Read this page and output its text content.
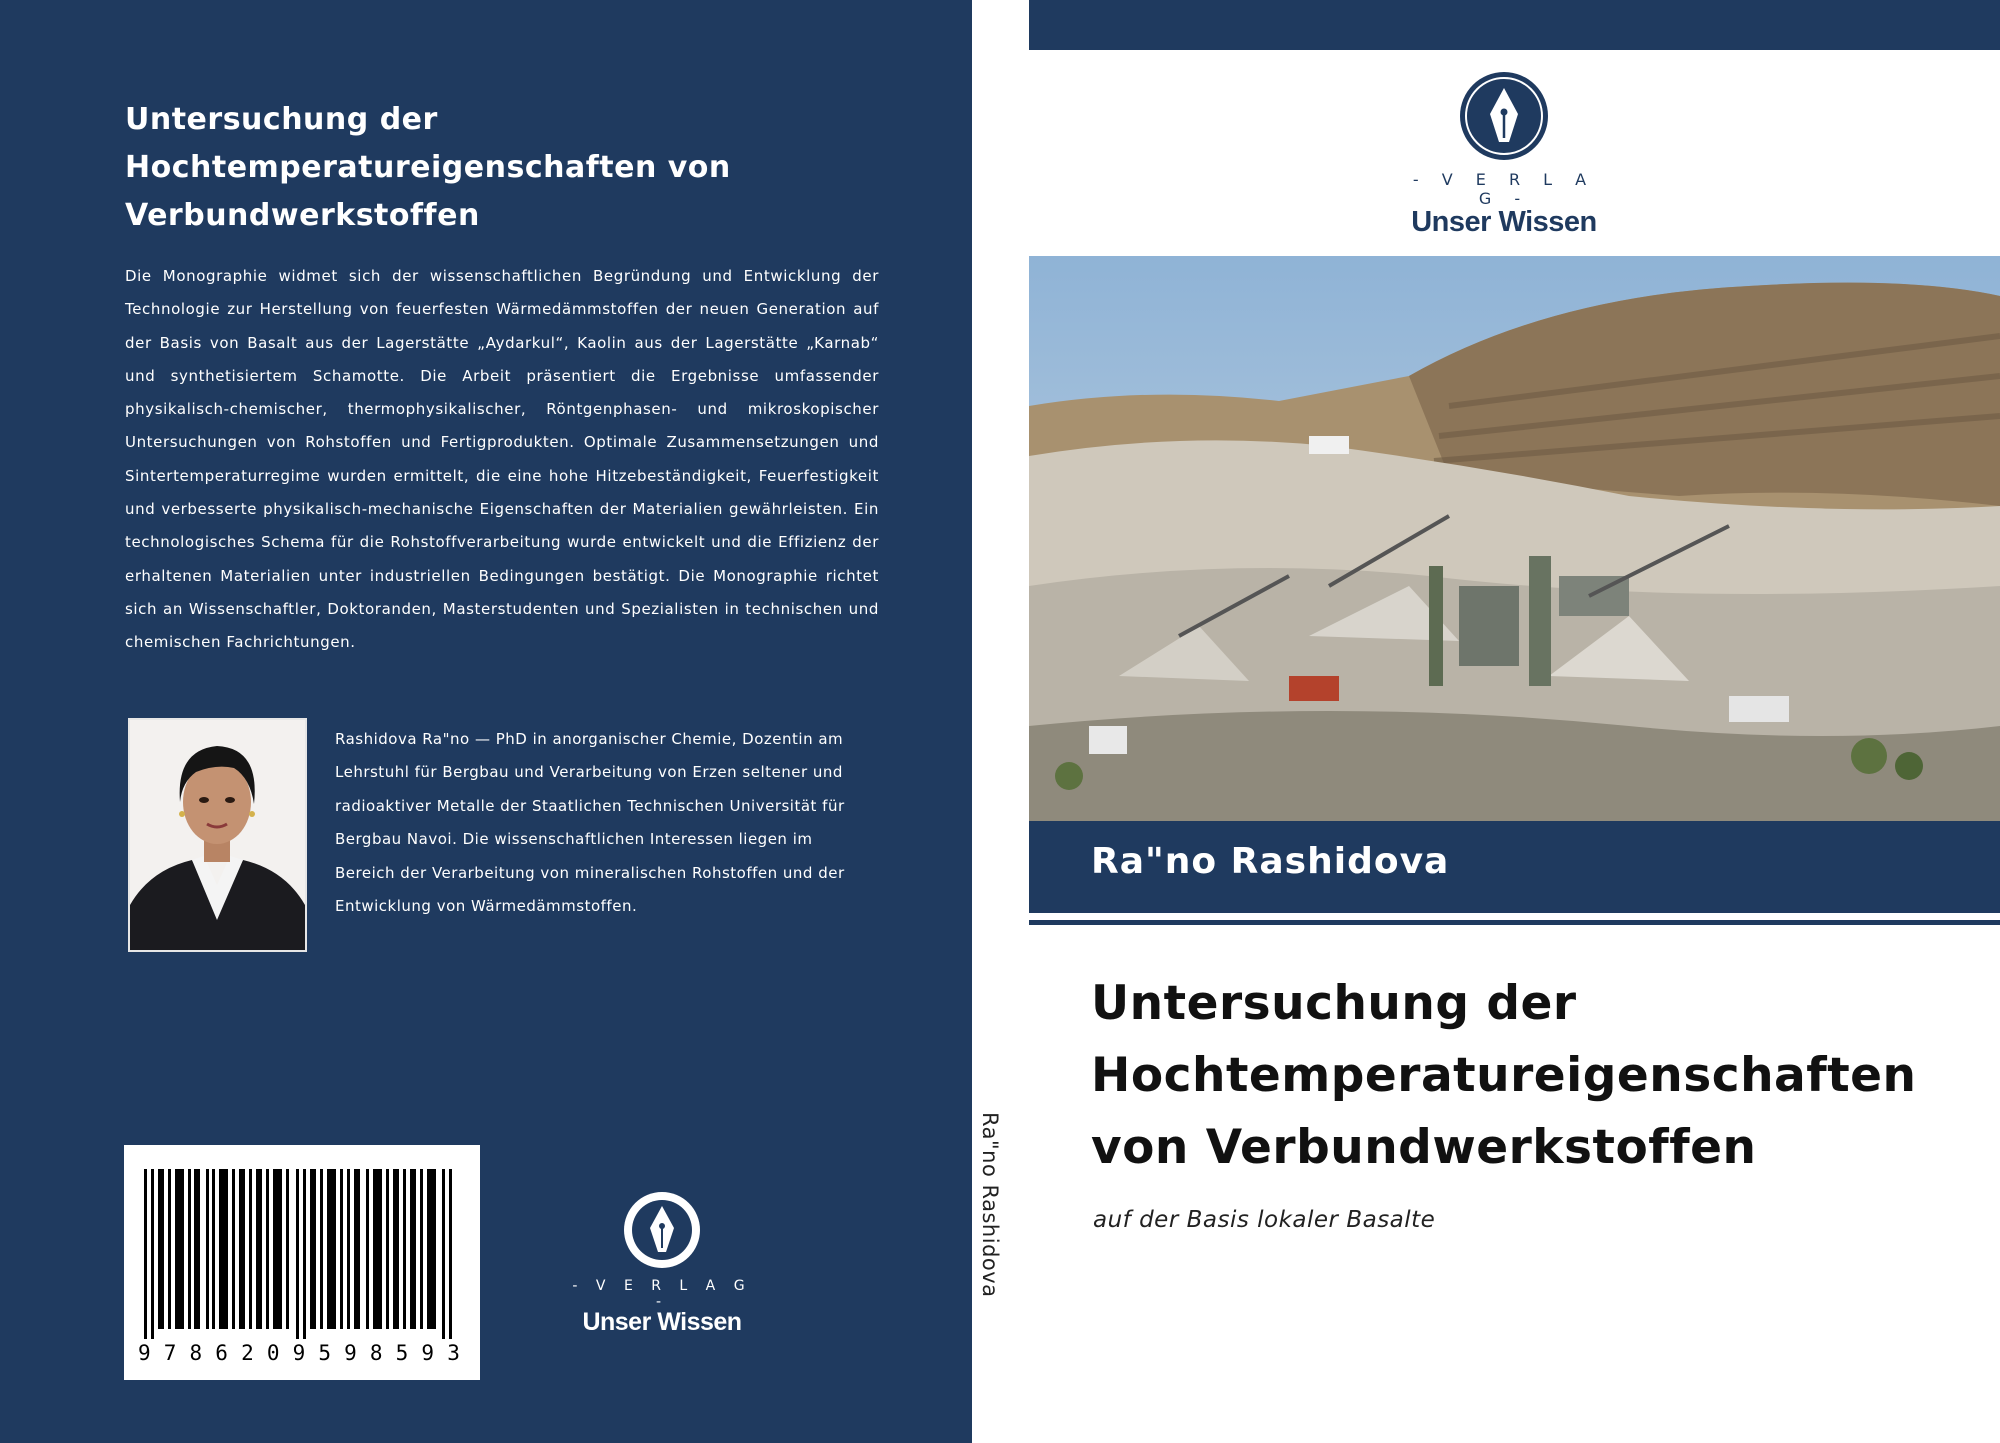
Untersuchung der
Hochtemperatureigenschaften von
Verbundwerkstoffen

Die Monographie widmet sich der wissenschaftlichen Begründung und Entwicklung der Technologie zur Herstellung von feuerfesten Wärmedämmstoffen der neuen Generation auf der Basis von Basalt aus der Lagerstätte „Aydarkul“, Kaolin aus der Lagerstätte „Karnab“ und synthetisiertem Schamotte. Die Arbeit präsentiert die Ergebnisse umfassender physikalisch-chemischer, thermophysikalischer, Röntgenphasen- und mikroskopischer Untersuchungen von Rohstoffen und Fertigprodukten. Optimale Zusammensetzungen und Sintertemperaturregime wurden ermittelt, die eine hohe Hitzebeständigkeit, Feuerfestigkeit und verbesserte physikalisch-mechanische Eigenschaften der Materialien gewährleisten. Ein technologisches Schema für die Rohstoffverarbeitung wurde entwickelt und die Effizienz der erhaltenen Materialien unter industriellen Bedingungen bestätigt. Die Monographie richtet sich an Wissenschaftler, Doktoranden, Masterstudenten und Spezialisten in technischen und chemischen Fachrichtungen.

Rashidova Ra"no — PhD in anorganischer Chemie, Dozentin am Lehrstuhl für Bergbau und Verarbeitung von Erzen seltener und radioaktiver Metalle der Staatlichen Technischen Universität für Bergbau Navoi. Die wissenschaftlichen Interessen liegen im Bereich der Verarbeitung von mineralischen Rohstoffen und der Entwicklung von Wärmedämmstoffen.

9 7 8 6 2 0 9 5 9 8 5 9 3
- V E R L A G -
Unser Wissen
Ra"no Rashidova
- V E R L A G -
Unser Wissen

Ra"no Rashidova

Untersuchung der
Hochtemperatureigenschaften
von Verbundwerkstoffen

auf der Basis lokaler Basalte
